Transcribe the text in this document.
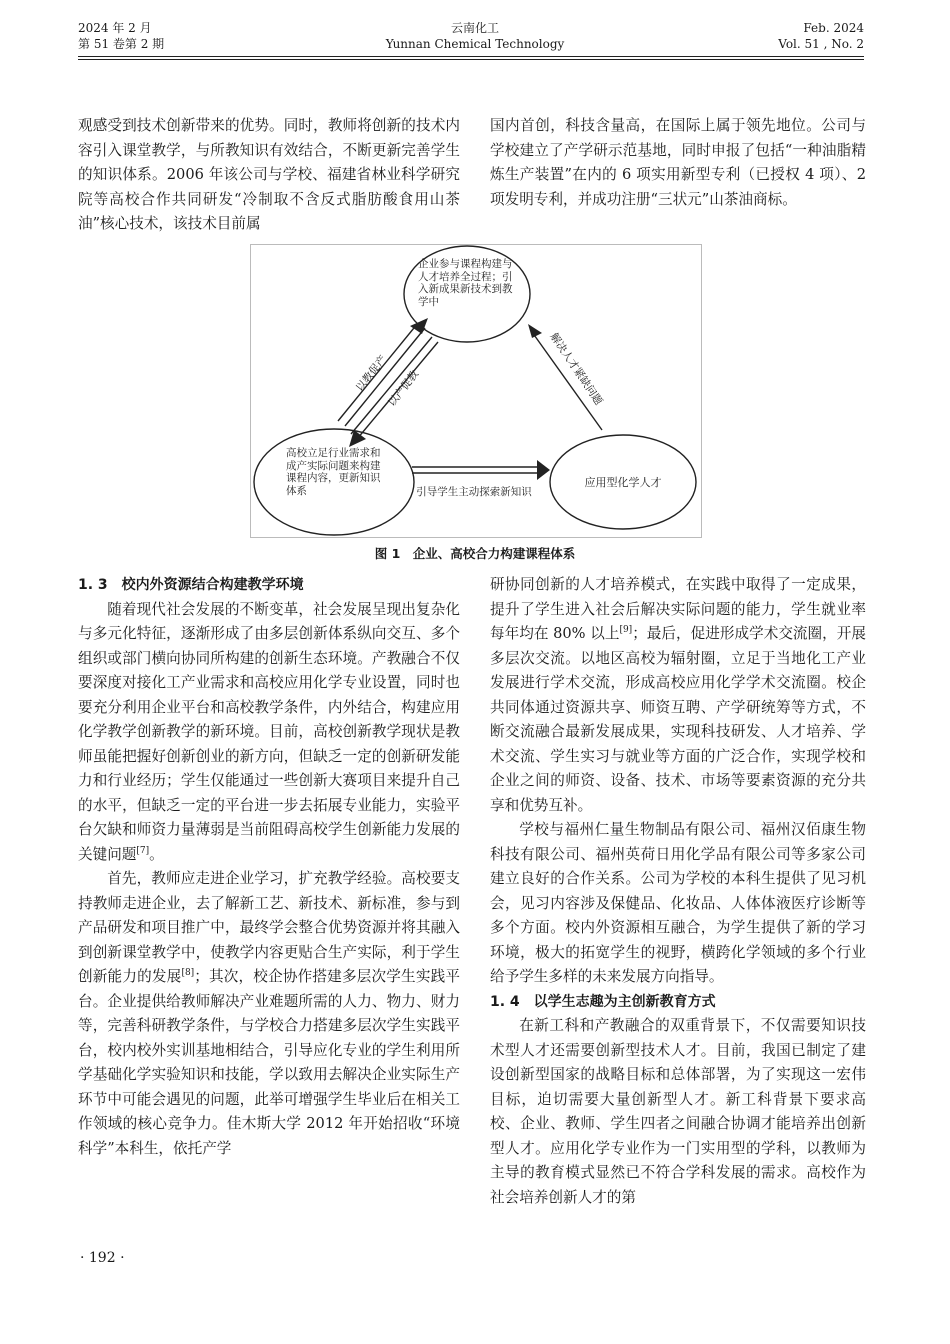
2024 年 2 月
第 51 卷第 2 期
云南化工
Yunnan Chemical Technology
Feb. 2024
Vol. 51 , No. 2

观感受到技术创新带来的优势。同时，教师将创新的技术内容引入课堂教学，与所教知识有效结合，不断更新完善学生的知识体系。2006 年该公司与学校、福建省林业科学研究院等高校合作共同研发“冷制取不含反式脂肪酸食用山茶油”核心技术，该技术目前属

国内首创，科技含量高，在国际上属于领先地位。公司与学校建立了产学研示范基地，同时申报了包括“一种油脂精炼生产装置”在内的 6 项实用新型专利（已授权 4 项）、2 项发明专利，并成功注册“三状元”山茶油商标。

企业参与课程构建与人才培养全过程；引入新成果新技术到教学中
高校立足行业需求和成产实际问题来构建课程内容，更新知识体系
应用型化学人才
以教促产
以产促教	解决人才紧缺问题
引导学生主动探索新知识
图 1　企业、高校合力构建课程体系
1. 3　校内外资源结合构建教学环境

随着现代社会发展的不断变革，社会发展呈现出复杂化与多元化特征，逐渐形成了由多层创新体系纵向交互、多个组织或部门横向协同所构建的创新生态环境。产教融合不仅要深度对接化工产业需求和高校应用化学专业设置，同时也要充分利用企业平台和高校教学条件，内外结合，构建应用化学教学创新教学的新环境。目前，高校创新教学现状是教师虽能把握好创新创业的新方向，但缺乏一定的创新研发能力和行业经历；学生仅能通过一些创新大赛项目来提升自己的水平，但缺乏一定的平台进一步去拓展专业能力，实验平台欠缺和师资力量薄弱是当前阻碍高校学生创新能力发展的关键问题[7]。

首先，教师应走进企业学习，扩充教学经验。高校要支持教师走进企业，去了解新工艺、新技术、新标准，参与到产品研发和项目推广中，最终学会整合优势资源并将其融入到创新课堂教学中，使教学内容更贴合生产实际，利于学生创新能力的发展[8]；其次，校企协作搭建多层次学生实践平台。企业提供给教师解决产业难题所需的人力、物力、财力等，完善科研教学条件，与学校合力搭建多层次学生实践平台，校内校外实训基地相结合，引导应化专业的学生利用所学基础化学实验知识和技能，学以致用去解决企业实际生产环节中可能会遇见的问题，此举可增强学生毕业后在相关工作领域的核心竞争力。佳木斯大学 2012 年开始招收“环境科学”本科生，依托产学

研协同创新的人才培养模式，在实践中取得了一定成果，提升了学生进入社会后解决实际问题的能力，学生就业率每年均在 80% 以上[9]；最后，促进形成学术交流圈，开展多层次交流。以地区高校为辐射圈，立足于当地化工产业发展进行学术交流，形成高校应用化学学术交流圈。校企共同体通过资源共享、师资互聘、产学研统筹等方式，不断交流融合最新发展成果，实现科技研发、人才培养、学术交流、学生实习与就业等方面的广泛合作，实现学校和企业之间的师资、设备、技术、市场等要素资源的充分共享和优势互补。

学校与福州仁量生物制品有限公司、福州汉佰康生物科技有限公司、福州英荷日用化学品有限公司等多家公司建立良好的合作关系。公司为学校的本科生提供了见习机会，见习内容涉及保健品、化妆品、人体体液医疗诊断等多个方面。校内外资源相互融合，为学生提供了新的学习环境，极大的拓宽学生的视野，横跨化学领域的多个行业给予学生多样的未来发展方向指导。

1. 4　以学生志趣为主创新教育方式

在新工科和产教融合的双重背景下，不仅需要知识技术型人才还需要创新型技术人才。目前，我国已制定了建设创新型国家的战略目标和总体部署，为了实现这一宏伟目标，迫切需要大量创新型人才。新工科背景下要求高校、企业、教师、学生四者之间融合协调才能培养出创新型人才。应用化学专业作为一门实用型的学科，以教师为主导的教育模式显然已不符合学科发展的需求。高校作为社会培养创新人才的第

· 192 ·
